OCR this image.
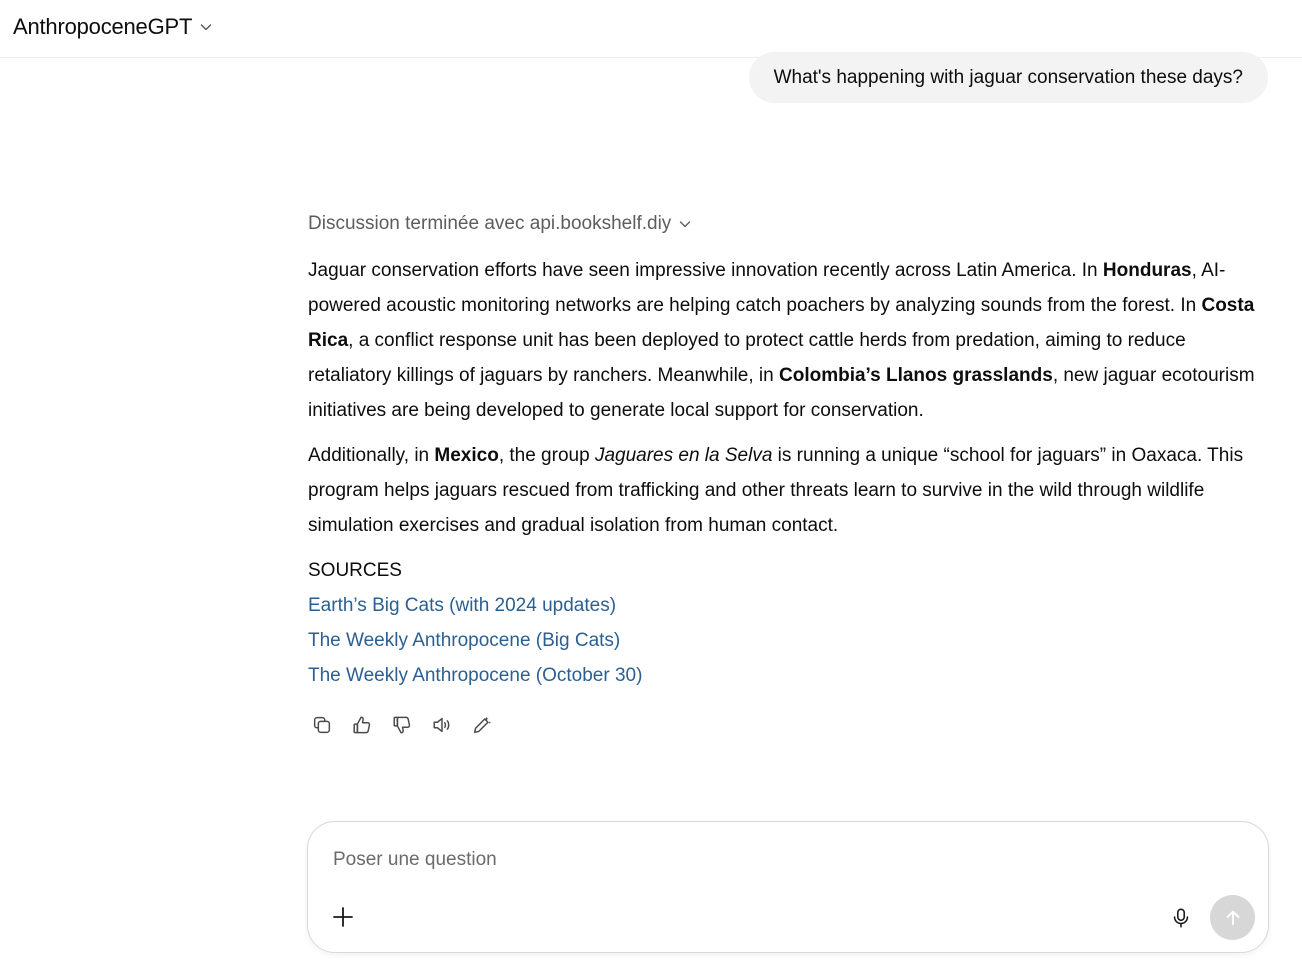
AnthropoceneGPT
What's happening with jaguar conservation these days?
Discussion terminée avec api.bookshelf.diy

Jaguar conservation efforts have seen impressive innovation recently across Latin America. In Honduras, AI-powered acoustic monitoring networks are helping catch poachers by analyzing sounds from the forest. In Costa Rica, a conflict response unit has been deployed to protect cattle herds from predation, aiming to reduce retaliatory killings of jaguars by ranchers. Meanwhile, in Colombia’s Llanos grasslands, new jaguar ecotourism initiatives are being developed to generate local support for conservation.

Additionally, in Mexico, the group Jaguares en la Selva is running a unique “school for jaguars” in Oaxaca. This program helps jaguars rescued from trafficking and other threats learn to survive in the wild through wildlife simulation exercises and gradual isolation from human contact.

SOURCES
Earth’s Big Cats (with 2024 updates)
The Weekly Anthropocene (Big Cats)
The Weekly Anthropocene (October 30)
Poser une question
